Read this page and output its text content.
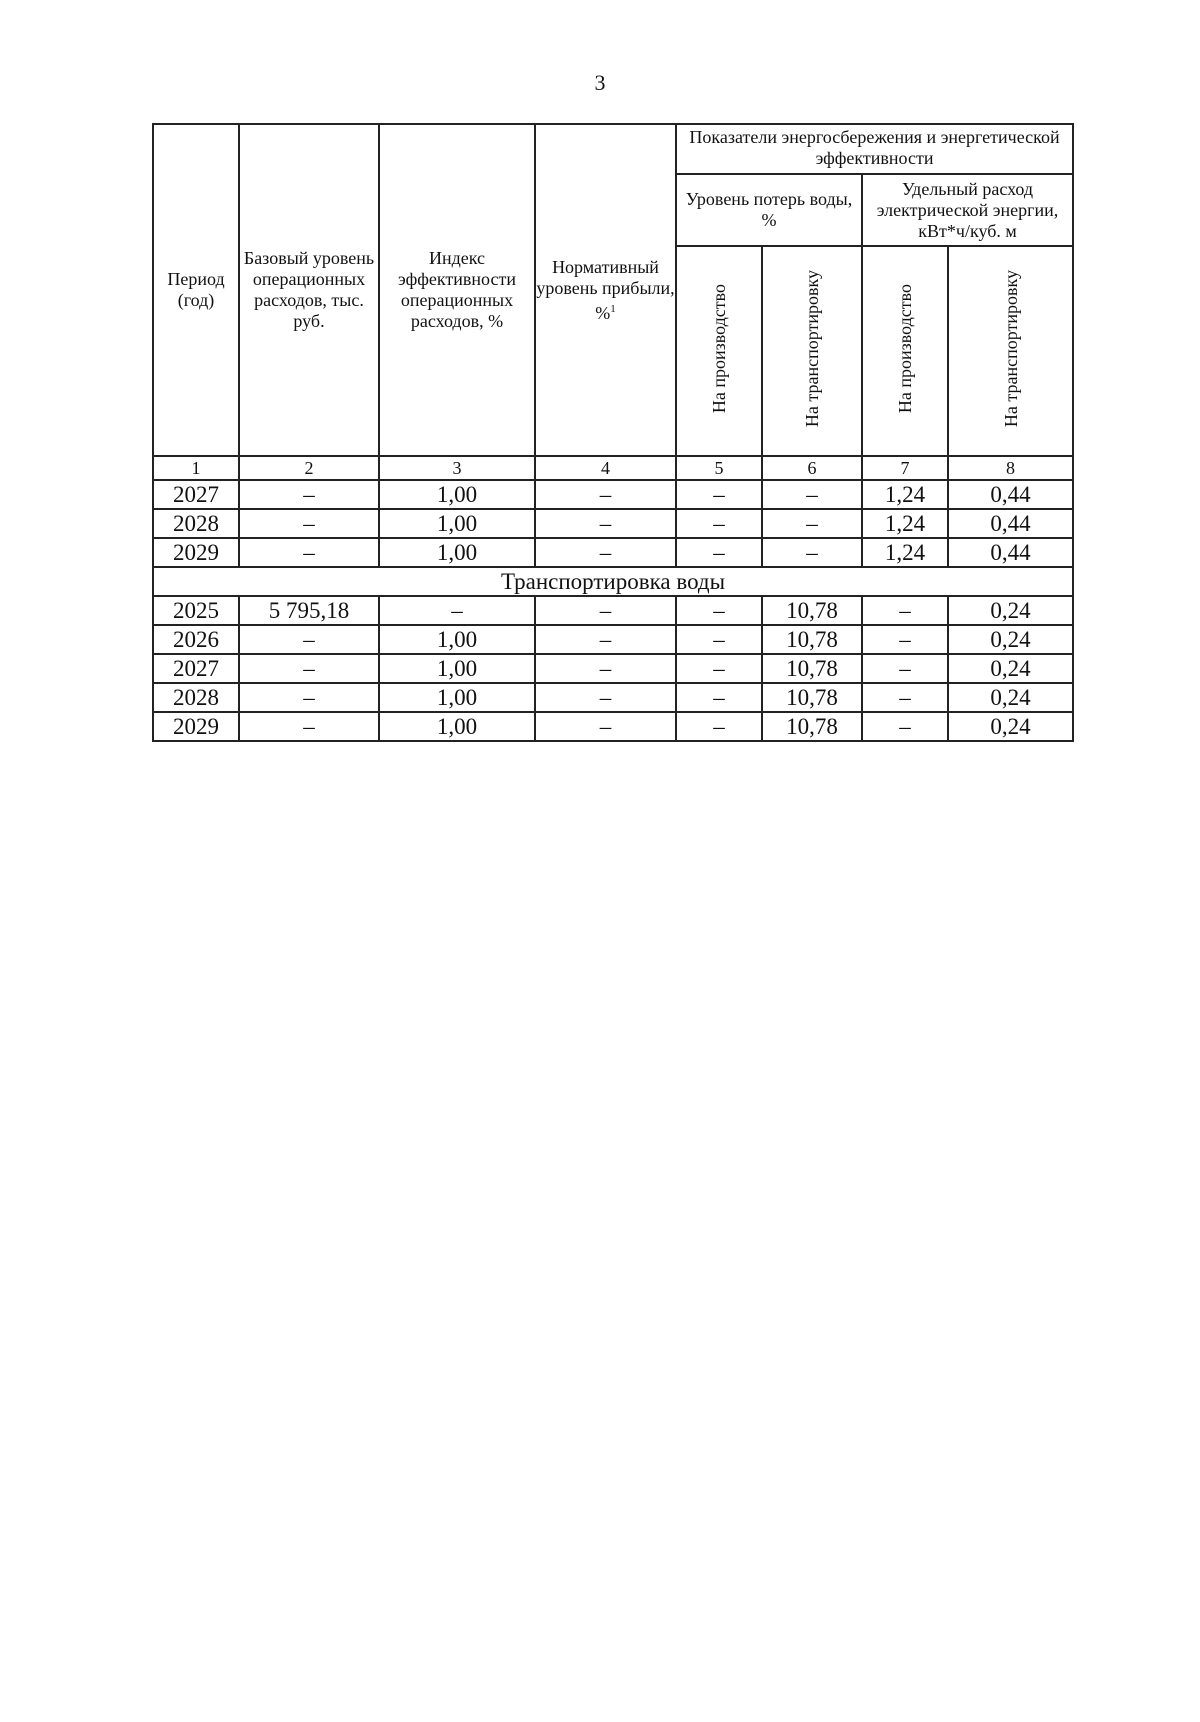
3
Период (год)	Базовый уровень операционных расходов, тыс. руб.	Индекс эффективности операционных расходов, %	Нормативный уровень прибыли, %$^1$	Показатели энергосбережения и энергетической эффективности			
				Уровень потерь воды, %		Удельный расход электрической энергии, кВт*ч/куб. м	
				На производство	На транспортировку	На производство	На транспортировку
1	2	3	4	5	6	7	8
2027	–	1,00	–	–	–	1,24	0,44
2028	–	1,00	–	–	–	1,24	0,44
2029	–	1,00	–	–	–	1,24	0,44
Транспортировка воды							
2025	5 795,18	–	–	–	10,78	–	0,24
2026	–	1,00	–	–	10,78	–	0,24
2027	–	1,00	–	–	10,78	–	0,24
2028	–	1,00	–	–	10,78	–	0,24
2029	–	1,00	–	–	10,78	–	0,24
